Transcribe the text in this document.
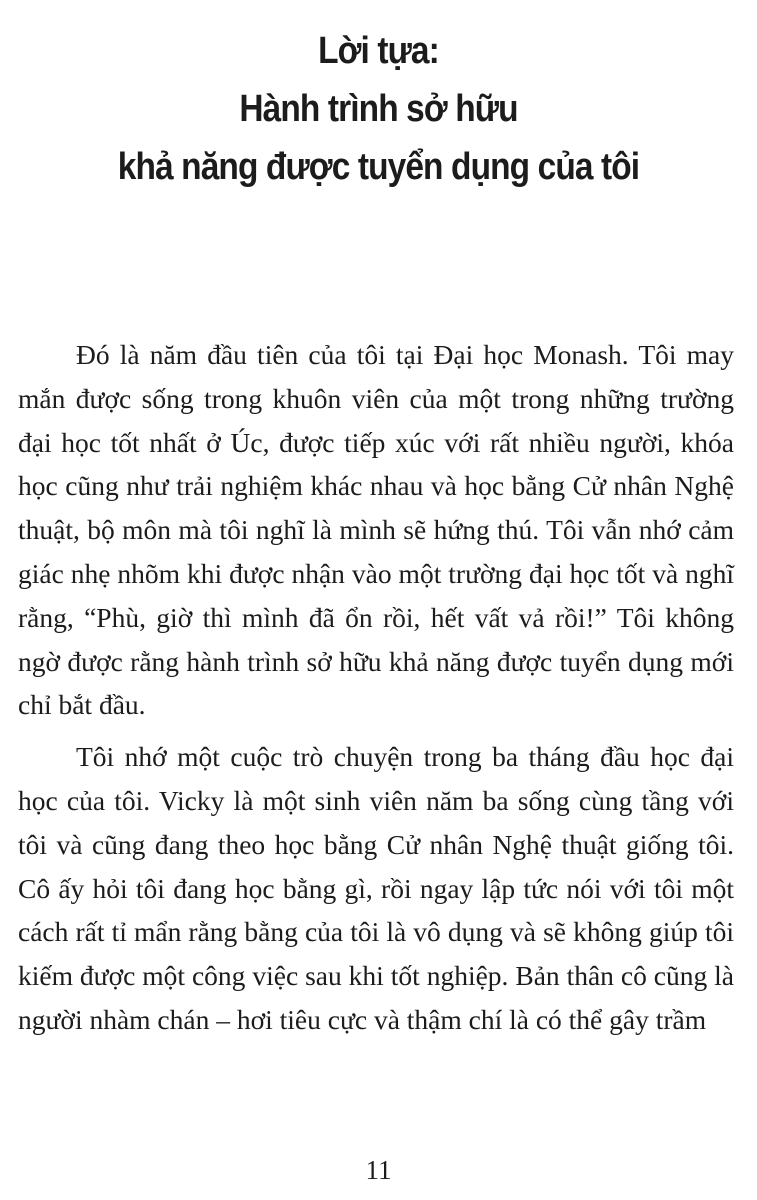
Lời tựa:
Hành trình sở hữu
khả năng được tuyển dụng của tôi

Đó là năm đầu tiên của tôi tại Đại học Monash. Tôi may mắn được sống trong khuôn viên của một trong những trường đại học tốt nhất ở Úc, được tiếp xúc với rất nhiều người, khóa học cũng như trải nghiệm khác nhau và học bằng Cử nhân Nghệ thuật, bộ môn mà tôi nghĩ là mình sẽ hứng thú. Tôi vẫn nhớ cảm giác nhẹ nhõm khi được nhận vào một trường đại học tốt và nghĩ rằng, “Phù, giờ thì mình đã ổn rồi, hết vất vả rồi!” Tôi không ngờ được rằng hành trình sở hữu khả năng được tuyển dụng mới chỉ bắt đầu.

Tôi nhớ một cuộc trò chuyện trong ba tháng đầu học đại học của tôi. Vicky là một sinh viên năm ba sống cùng tầng với tôi và cũng đang theo học bằng Cử nhân Nghệ thuật giống tôi. Cô ấy hỏi tôi đang học bằng gì, rồi ngay lập tức nói với tôi một cách rất tỉ mẩn rằng bằng của tôi là vô dụng và sẽ không giúp tôi kiếm được một công việc sau khi tốt nghiệp. Bản thân cô cũng là người nhàm chán – hơi tiêu cực và thậm chí là có thể gây trầm

11
